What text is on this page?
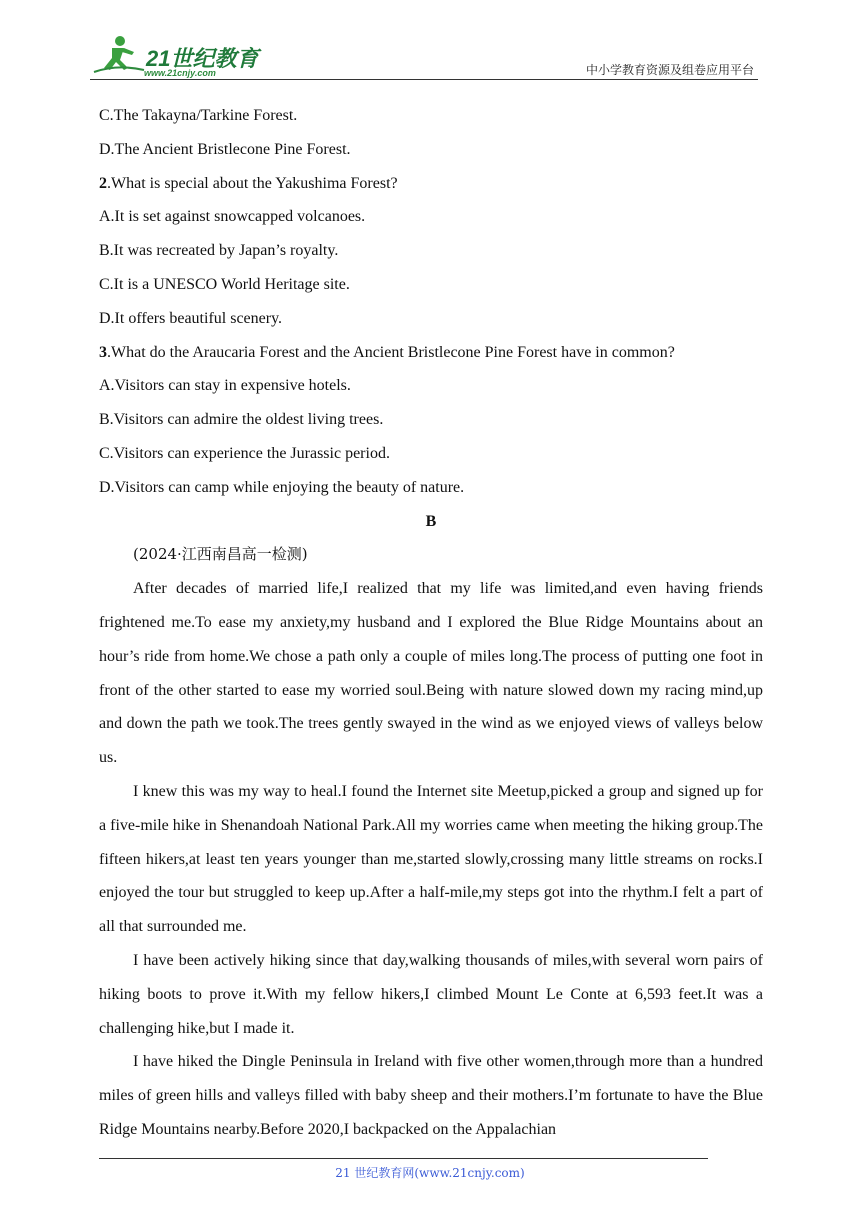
21世纪教育
www.21cnjy.com	中小学教育资源及组卷应用平台

C.The Takayna/Tarkine Forest.

D.The Ancient Bristlecone Pine Forest.

2.What is special about the Yakushima Forest?

A.It is set against snowcapped volcanoes.

B.It was recreated by Japan’s royalty.

C.It is a UNESCO World Heritage site.

D.It offers beautiful scenery.

3.What do the Araucaria Forest and the Ancient Bristlecone Pine Forest have in common?

A.Visitors can stay in expensive hotels.

B.Visitors can admire the oldest living trees.

C.Visitors can experience the Jurassic period.

D.Visitors can camp while enjoying the beauty of nature.

B

(2024·江西南昌高一检测)

After decades of married life,I realized that my life was limited,and even having friends frightened me.To ease my anxiety,my husband and I explored the Blue Ridge Mountains about an hour’s ride from home.We chose a path only a couple of miles long.The process of putting one foot in front of the other started to ease my worried soul.Being with nature slowed down my racing mind,up and down the path we took.The trees gently swayed in the wind as we enjoyed views of valleys below us.

I knew this was my way to heal.I found the Internet site Meetup,picked a group and signed up for a five-mile hike in Shenandoah National Park.All my worries came when meeting the hiking group.The fifteen hikers,at least ten years younger than me,started slowly,crossing many little streams on rocks.I enjoyed the tour but struggled to keep up.After a half-mile,my steps got into the rhythm.I felt a part of all that surrounded me.

I have been actively hiking since that day,walking thousands of miles,with several worn pairs of hiking boots to prove it.With my fellow hikers,I climbed Mount Le Conte at 6,593 feet.It was a challenging hike,but I made it.

I have hiked the Dingle Peninsula in Ireland with five other women,through more than a hundred miles of green hills and valleys filled with baby sheep and their mothers.I’m fortunate to have the Blue Ridge Mountains nearby.Before 2020,I backpacked on the Appalachian

21 世纪教育网(www.21cnjy.com)
